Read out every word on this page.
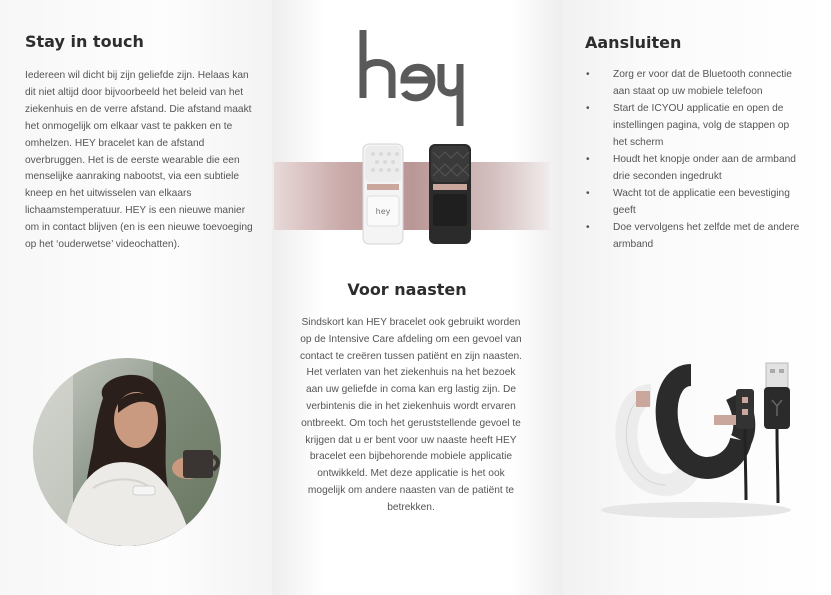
Stay in touch
Iedereen wil dicht bij zijn geliefde zijn. Helaas kan dit niet altijd door bijvoorbeeld het beleid van het ziekenhuis en de verre afstand. Die afstand maakt het onmogelijk om elkaar vast te pakken en te omhelzen. HEY bracelet kan de afstand overbruggen. Het is de eerste wearable die een menselijke aanraking nabootst, via een subtiele kneep en het uitwisselen van elkaars lichaamstemperatuur. HEY is een nieuwe manier om in contact blijven (en is een nieuwe toevoeging op het ‘ouderwetse’ videochatten).
hey
Voor naasten
Sindskort kan HEY bracelet ook gebruikt worden op de Intensive Care afdeling om een gevoel van contact te creëren tussen patiënt en zijn naasten. Het verlaten van het ziekenhuis na het bezoek aan uw geliefde in coma kan erg lastig zijn. De verbintenis die in het ziekenhuis wordt ervaren ontbreekt. Om toch het geruststellende gevoel te krijgen dat u er bent voor uw naaste heeft HEY bracelet een bijbehorende mobiele applicatie ontwikkeld. Met deze applicatie is het ook mogelijk om andere naasten van de patiënt te betrekken.
Aansluiten
• Zorg er voor dat de Bluetooth connectie aan staat op uw mobiele telefoon
• Start de ICYOU applicatie en open de instellingen pagina, volg de stappen op het scherm
• Houdt het knopje onder aan de armband drie seconden ingedrukt
• Wacht tot de applicatie een bevestiging geeft
• Doe vervolgens het zelfde met de andere armband
